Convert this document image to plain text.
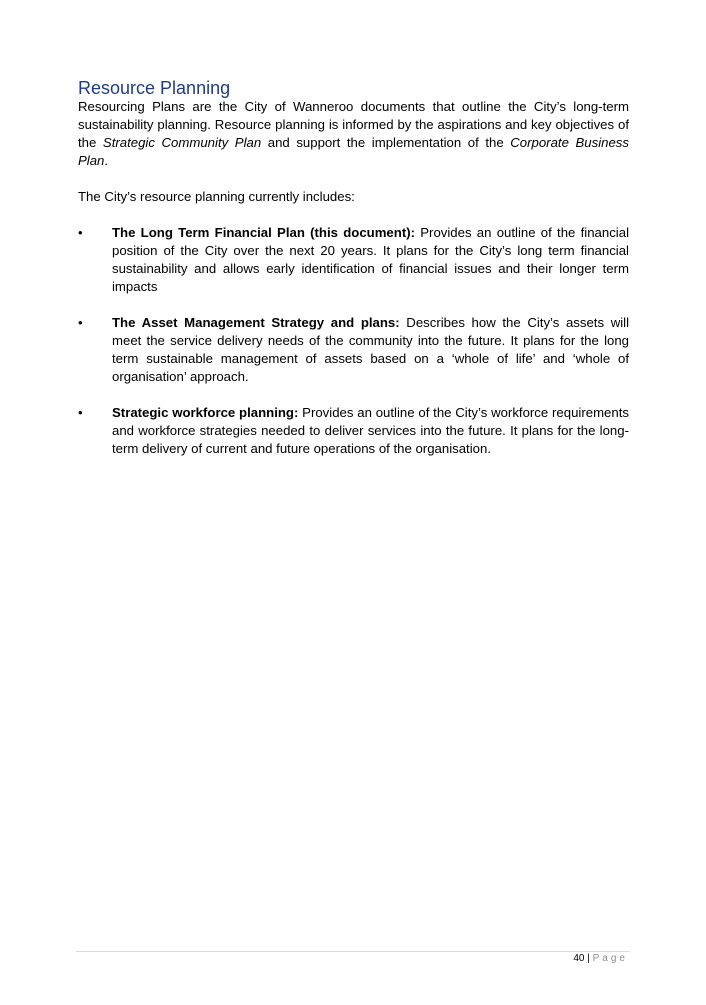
Resource Planning

Resourcing Plans are the City of Wanneroo documents that outline the City’s long-term sustainability planning. Resource planning is informed by the aspirations and key objectives of the Strategic Community Plan and support the implementation of the Corporate Business Plan.

The City’s resource planning currently includes:

•	The Long Term Financial Plan (this document): Provides an outline of the financial position of the City over the next 20 years. It plans for the City’s long term financial sustainability and allows early identification of financial issues and their longer term impacts
•	The Asset Management Strategy and plans: Describes how the City’s assets will meet the service delivery needs of the community into the future. It plans for the long term sustainable management of assets based on a ‘whole of life’ and ‘whole of organisation’ approach.
•	Strategic workforce planning: Provides an outline of the City’s workforce requirements and workforce strategies needed to deliver services into the future. It plans for the long-term delivery of current and future operations of the organisation.
40 | Page
